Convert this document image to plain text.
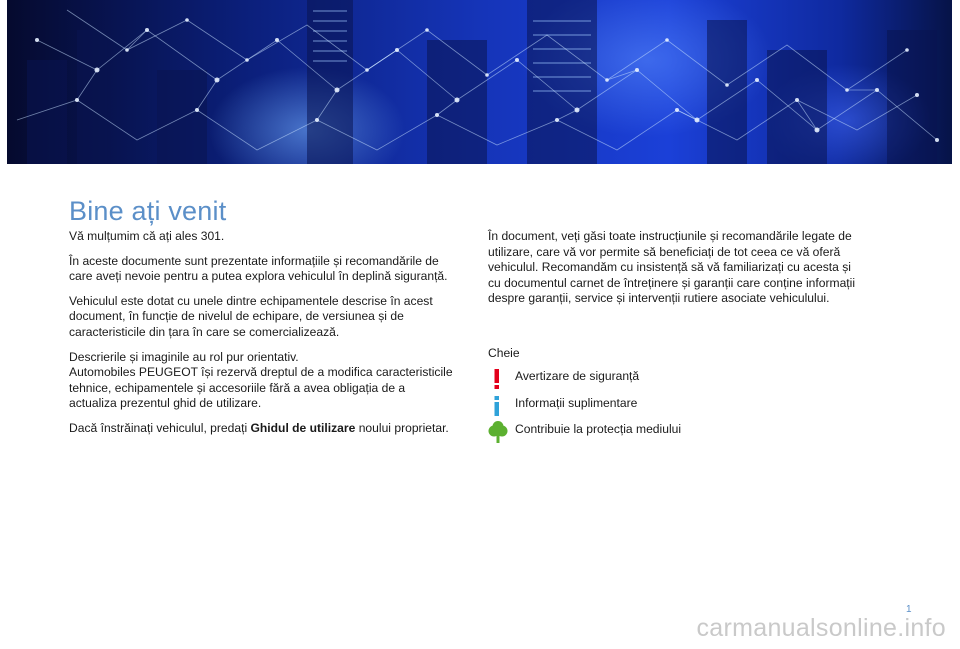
Bine ați venit

Vă mulțumim că ați ales 301.

În aceste documente sunt prezentate informațiile și recomandările de
care aveți nevoie pentru a putea explora vehiculul în deplină siguranță.

Vehiculul este dotat cu unele dintre echipamentele descrise în acest
document, în funcție de nivelul de echipare, de versiunea și de
caracteristicile din țara în care se comercializează.

Descrierile și imaginile au rol pur orientativ.
Automobiles PEUGEOT își rezervă dreptul de a modifica caracteristicile
tehnice, echipamentele și accesoriile fără a avea obligația de a
actualiza prezentul ghid de utilizare.

Dacă înstrăinați vehiculul, predați Ghidul de utilizare noului proprietar.

În document, veți găsi toate instrucțiunile și recomandările legate de
utilizare, care vă vor permite să beneficiați de tot ceea ce vă oferă
vehiculul. Recomandăm cu insistență să vă familiarizați cu acesta și
cu documentul carnet de întreținere și garanții care conține informații
despre garanții, service și intervenții rutiere asociate vehiculului.

Cheie
Avertizare de siguranță
Informații suplimentare
Contribuie la protecția mediului
1
carmanualsonline.info
